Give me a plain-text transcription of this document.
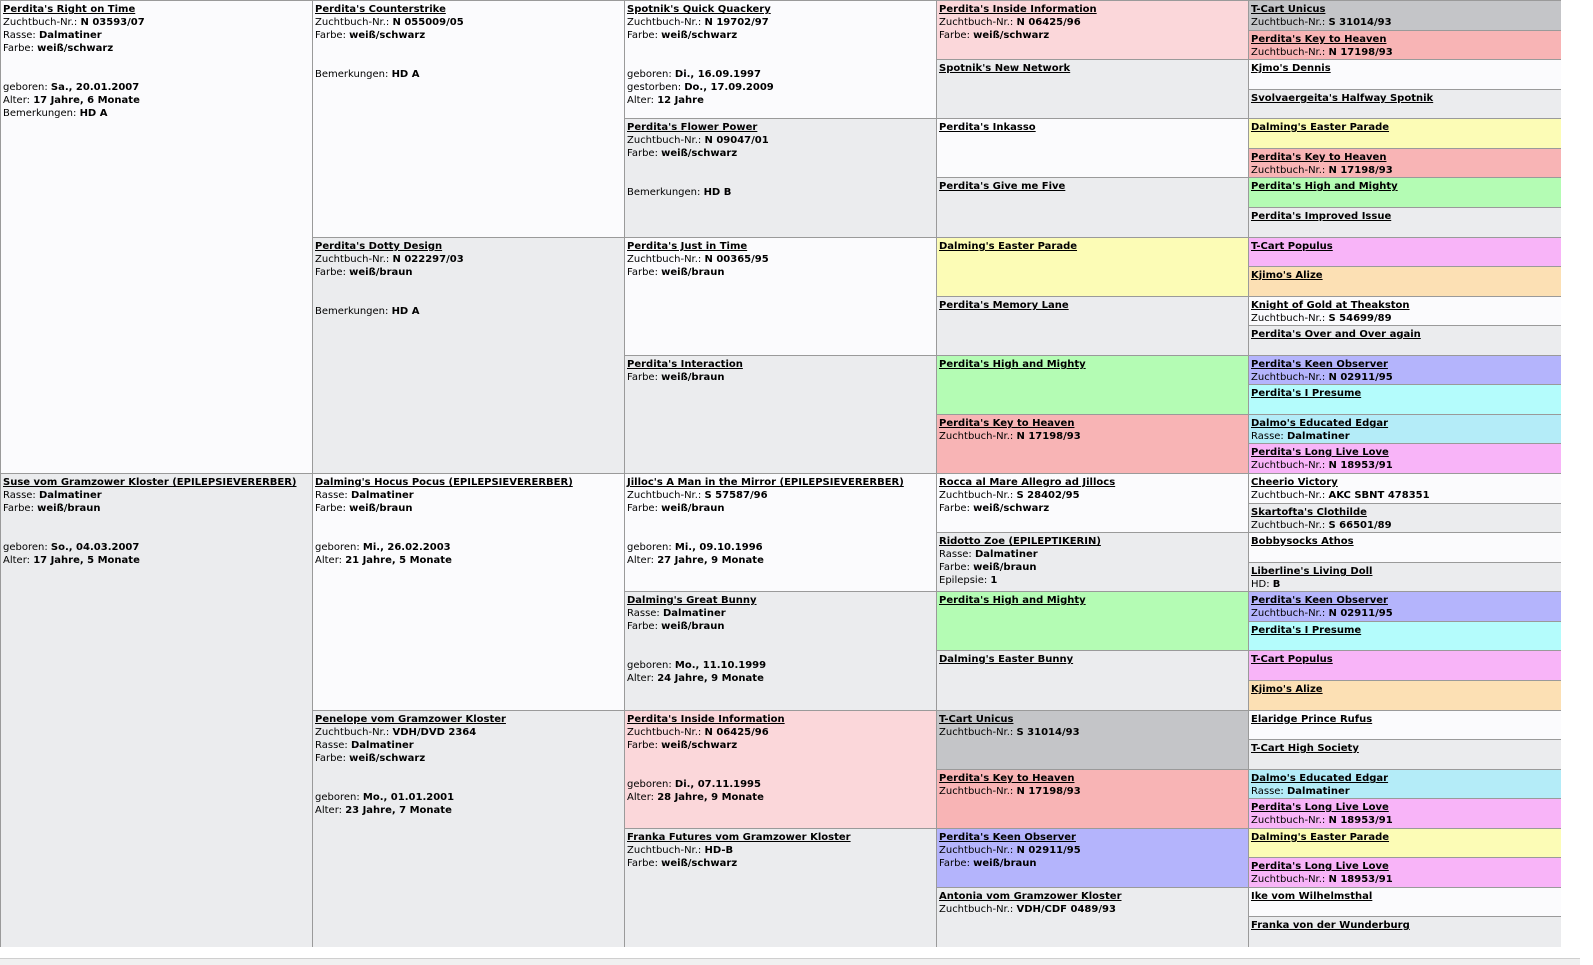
Perdita's Right on Time
Zuchtbuch-Nr.: N 03593/07
Rasse: Dalmatiner
Farbe: weiß/schwarz
geboren: Sa., 20.01.2007
Alter: 17 Jahre, 6 Monate
Bemerkungen: HD A
Suse vom Gramzower Kloster (EPILEPSIEVERERBER)
Rasse: Dalmatiner
Farbe: weiß/braun
geboren: So., 04.03.2007
Alter: 17 Jahre, 5 Monate
Perdita's Counterstrike
Zuchtbuch-Nr.: N 055009/05
Farbe: weiß/schwarz
Bemerkungen: HD A
Perdita's Dotty Design
Zuchtbuch-Nr.: N 022297/03
Farbe: weiß/braun
Bemerkungen: HD A
Dalming's Hocus Pocus (EPILEPSIEVERERBER)
Rasse: Dalmatiner
Farbe: weiß/braun
geboren: Mi., 26.02.2003
Alter: 21 Jahre, 5 Monate
Penelope vom Gramzower Kloster
Zuchtbuch-Nr.: VDH/DVD 2364
Rasse: Dalmatiner
Farbe: weiß/schwarz
geboren: Mo., 01.01.2001
Alter: 23 Jahre, 7 Monate
Spotnik's Quick Quackery
Zuchtbuch-Nr.: N 19702/97
Farbe: weiß/schwarz
geboren: Di., 16.09.1997
gestorben: Do., 17.09.2009
Alter: 12 Jahre
Perdita's Flower Power
Zuchtbuch-Nr.: N 09047/01
Farbe: weiß/schwarz
Bemerkungen: HD B
Perdita's Just in Time
Zuchtbuch-Nr.: N 00365/95
Farbe: weiß/braun
Perdita's Interaction
Farbe: weiß/braun
Jilloc's A Man in the Mirror (EPILEPSIEVERERBER)
Zuchtbuch-Nr.: S 57587/96
Farbe: weiß/braun
geboren: Mi., 09.10.1996
Alter: 27 Jahre, 9 Monate
Dalming's Great Bunny
Rasse: Dalmatiner
Farbe: weiß/braun
geboren: Mo., 11.10.1999
Alter: 24 Jahre, 9 Monate
Perdita's Inside Information
Zuchtbuch-Nr.: N 06425/96
Farbe: weiß/schwarz
geboren: Di., 07.11.1995
Alter: 28 Jahre, 9 Monate
Franka Futures vom Gramzower Kloster
Zuchtbuch-Nr.: HD-B
Farbe: weiß/schwarz
Perdita's Inside Information
Zuchtbuch-Nr.: N 06425/96
Farbe: weiß/schwarz
Spotnik's New Network
Perdita's Inkasso
Perdita's Give me Five
Dalming's Easter Parade
Perdita's Memory Lane
Perdita's High and Mighty
Perdita's Key to Heaven
Zuchtbuch-Nr.: N 17198/93
Rocca al Mare Allegro ad Jillocs
Zuchtbuch-Nr.: S 28402/95
Farbe: weiß/schwarz
Ridotto Zoe (EPILEPTIKERIN)
Rasse: Dalmatiner
Farbe: weiß/braun
Epilepsie: 1
Perdita's High and Mighty
Dalming's Easter Bunny
T-Cart Unicus
Zuchtbuch-Nr.: S 31014/93
Perdita's Key to Heaven
Zuchtbuch-Nr.: N 17198/93
Perdita's Keen Observer
Zuchtbuch-Nr.: N 02911/95
Farbe: weiß/braun
Antonia vom Gramzower Kloster
Zuchtbuch-Nr.: VDH/CDF 0489/93
T-Cart Unicus
Zuchtbuch-Nr.: S 31014/93
Perdita's Key to Heaven
Zuchtbuch-Nr.: N 17198/93
Kjmo's Dennis
Svolvaergeita's Halfway Spotnik
Dalming's Easter Parade
Perdita's Key to Heaven
Zuchtbuch-Nr.: N 17198/93
Perdita's High and Mighty
Perdita's Improved Issue
T-Cart Populus
Kjimo's Alize
Knight of Gold at Theakston
Zuchtbuch-Nr.: S 54699/89
Perdita's Over and Over again
Perdita's Keen Observer
Zuchtbuch-Nr.: N 02911/95
Perdita's I Presume
Dalmo's Educated Edgar
Rasse: Dalmatiner
Perdita's Long Live Love
Zuchtbuch-Nr.: N 18953/91
Cheerio Victory
Zuchtbuch-Nr.: AKC SBNT 478351
Skartofta's Clothilde
Zuchtbuch-Nr.: S 66501/89
Bobbysocks Athos
Liberline's Living Doll
HD: B
Perdita's Keen Observer
Zuchtbuch-Nr.: N 02911/95
Perdita's I Presume
T-Cart Populus
Kjimo's Alize
Elaridge Prince Rufus
T-Cart High Society
Dalmo's Educated Edgar
Rasse: Dalmatiner
Perdita's Long Live Love
Zuchtbuch-Nr.: N 18953/91
Dalming's Easter Parade
Perdita's Long Live Love
Zuchtbuch-Nr.: N 18953/91
Ike vom Wilhelmsthal
Franka von der Wunderburg
